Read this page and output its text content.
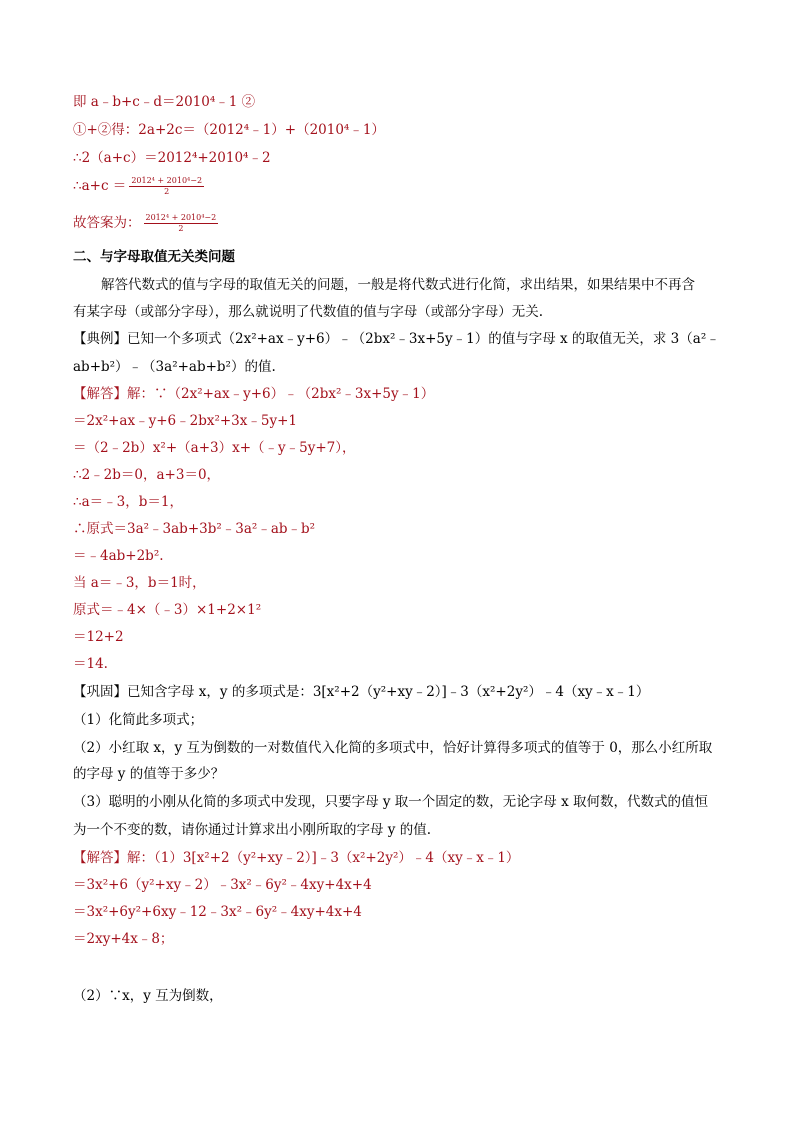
即 a﹣b+c﹣d＝2010⁴﹣1 ②
①+②得：2a+2c＝（2012⁴﹣1）+（2010⁴﹣1）
∴2（a+c）＝2012⁴+2010⁴﹣2
∴a+c ＝ $\frac{\text{2012⁴ + 2010⁴−2}}{2}$
故答案为： $\frac{\text{2012⁴ + 2010⁴−2}}{2}$
二、与字母取值无关类问题
解答代数式的值与字母的取值无关的问题，一般是将代数式进行化简，求出结果，如果结果中不再含
有某字母（或部分字母），那么就说明了代数值的值与字母（或部分字母）无关.
【典例】已知一个多项式（2x²+ax﹣y+6）﹣（2bx²﹣3x+5y﹣1）的值与字母 x 的取值无关，求 3（a²﹣
ab+b²）﹣（3a²+ab+b²）的值.
【解答】解：∵（2x²+ax﹣y+6）﹣（2bx²﹣3x+5y﹣1）
＝2x²+ax﹣y+6﹣2bx²+3x﹣5y+1
＝（2﹣2b）x²+（a+3）x+（﹣y﹣5y+7），
∴2﹣2b＝0，a+3＝0，
∴a＝﹣3，b＝1，
∴原式＝3a²﹣3ab+3b²﹣3a²﹣ab﹣b²
＝﹣4ab+2b².
当 a＝﹣3，b＝1时，
原式＝﹣4×（﹣3）×1+2×1²
＝12+2
＝14.
【巩固】已知含字母 x，y 的多项式是：3[x²+2（y²+xy﹣2）]﹣3（x²+2y²）﹣4（xy﹣x﹣1）
（1）化简此多项式；
（2）小红取 x，y 互为倒数的一对数值代入化简的多项式中，恰好计算得多项式的值等于 0，那么小红所取
的字母 y 的值等于多少？
（3）聪明的小刚从化简的多项式中发现，只要字母 y 取一个固定的数，无论字母 x 取何数，代数式的值恒
为一个不变的数，请你通过计算求出小刚所取的字母 y 的值.
【解答】解：（1）3[x²+2（y²+xy﹣2）]﹣3（x²+2y²）﹣4（xy﹣x﹣1）
＝3x²+6（y²+xy﹣2）﹣3x²﹣6y²﹣4xy+4x+4
＝3x²+6y²+6xy﹣12﹣3x²﹣6y²﹣4xy+4x+4
＝2xy+4x﹣8；
（2）∵x，y 互为倒数，
